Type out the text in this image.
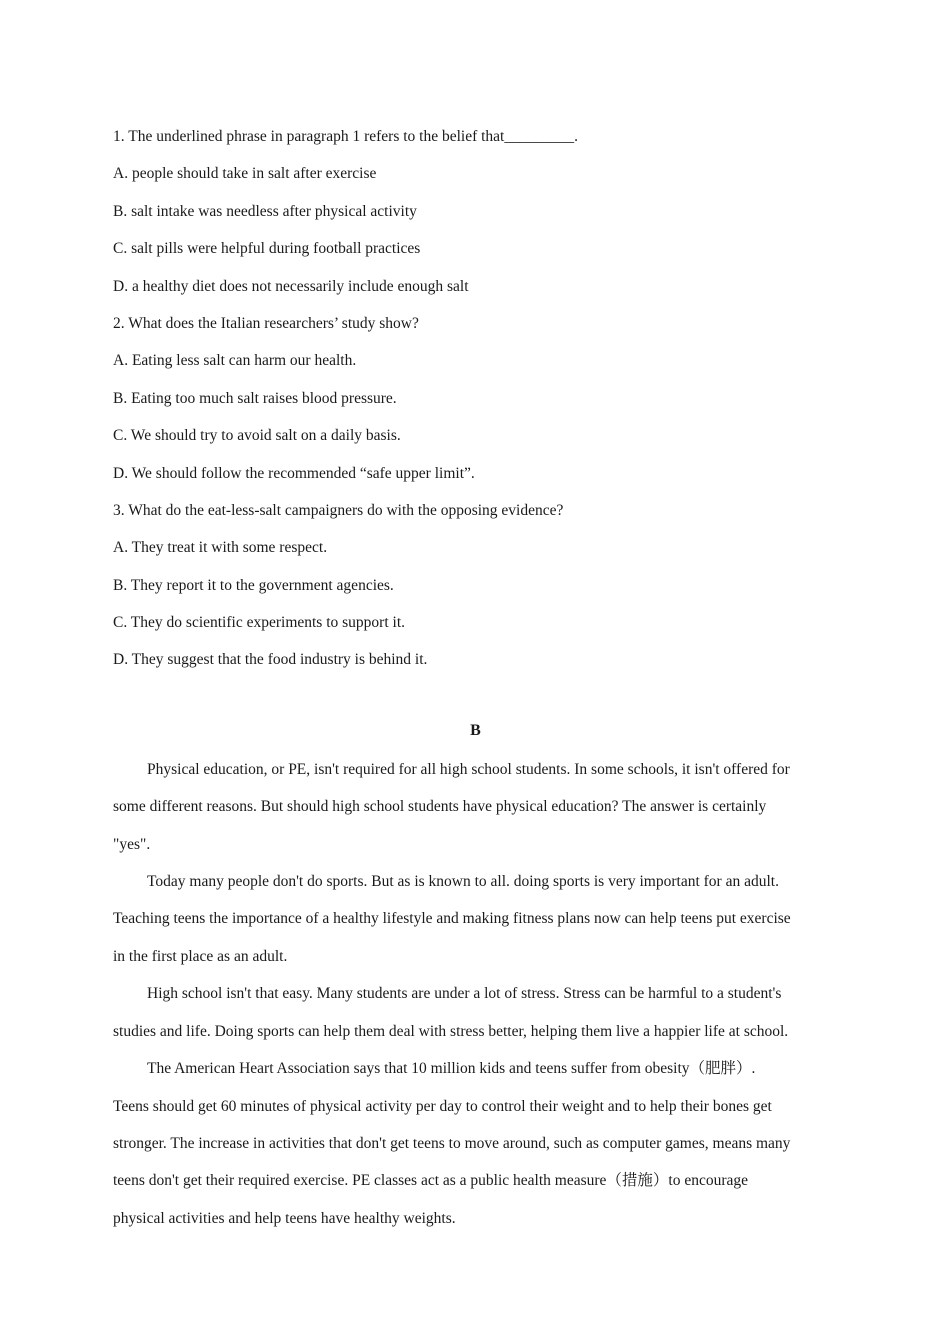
1. The underlined phrase in paragraph 1 refers to the belief that_________.
A. people should take in salt after exercise
B. salt intake was needless after physical activity
C. salt pills were helpful during football practices
D. a healthy diet does not necessarily include enough salt
2. What does the Italian researchers’ study show?
A. Eating less salt can harm our health.
B. Eating too much salt raises blood pressure.
C. We should try to avoid salt on a daily basis.
D. We should follow the recommended “safe upper limit”.
3. What do the eat-less-salt campaigners do with the opposing evidence?
A. They treat it with some respect.
B. They report it to the government agencies.
C. They do scientific experiments to support it.
D. They suggest that the food industry is behind it.
B

Physical education, or PE, isn't required for all high school students. In some schools, it isn't offered for
some different reasons. But should high school students have physical education? The answer is certainly
"yes".

Today many people don't do sports. But as is known to all. doing sports is very important for an adult.
Teaching teens the importance of a healthy lifestyle and making fitness plans now can help teens put exercise
in the first place as an adult.

High school isn't that easy. Many students are under a lot of stress. Stress can be harmful to a student's
studies and life. Doing sports can help them deal with stress better, helping them live a happier life at school.

The American Heart Association says that 10 million kids and teens suffer from obesity（肥胖）.
Teens should get 60 minutes of physical activity per day to control their weight and to help their bones get
stronger. The increase in activities that don't get teens to move around, such as computer games, means many
teens don't get their required exercise. PE classes act as a public health measure（措施）to encourage
physical activities and help teens have healthy weights.
